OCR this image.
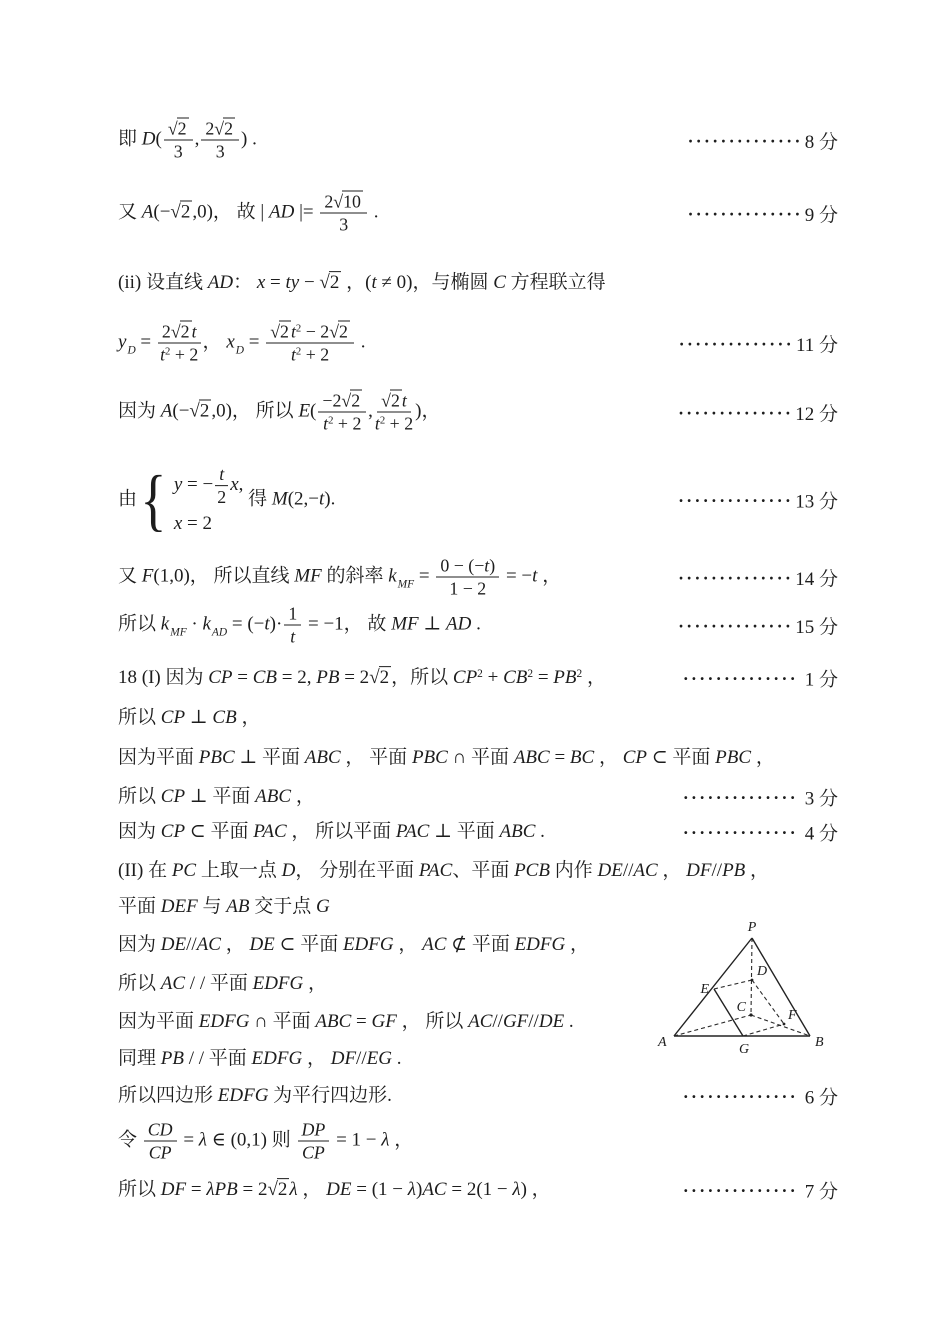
即 $D( \frac{√2}{3}$ , $\frac{2√2}{3}$ ) .	·············· 8 分
又 A(−√2 ,0)， 故 | AD |= $\frac{2√10}{3}$ .	·············· 9 分
(ii) 设直线 AD： x = ty − √2 ，(t ≠ 0)，与椭圆 C 方程联立得
$y_D = \frac{2√2 t}{t^2 + 2}$ ， $x_D = \frac{√2 t^2 - 2√2}{t^2 + 2}$ .	·············· 11 分
因为 A(−√2 ,0)， 所以 $E( \frac{-2√2}{t^2 + 2}$ , $\frac{√2 t}{t^2 + 2}$ )，	·············· 12 分
由 { y = − $\frac{t}{2} x$,
x = 2
得 M(2,−t).	·············· 13 分
又 F(1,0)， 所以直线 MF 的斜率 $k_{MF} = \frac{0 - (-t)}{1 - 2} = -t$ ，	·············· 14 分
所以 $k_{MF} \cdot k_{AD} = (-t)\cdot \frac{1}{t} = -1$， 故 MF ⊥ AD .	·············· 15 分
18 (I) 因为 CP = CB = 2, PB = 2√2 ，所以 $CP^2 + CB^2 = PB^2$ ，	·············· 1 分
所以 CP ⊥ CB ，
因为平面 PBC ⊥ 平面 ABC ， 平面 PBC ∩ 平面 ABC = BC ， CP ⊂ 平面 PBC ，
所以 CP ⊥ 平面 ABC ，	·············· 3 分
因为 CP ⊂ 平面 PAC ， 所以平面 PAC ⊥ 平面 ABC .	·············· 4 分
(II) 在 PC 上取一点 D， 分别在平面 PAC、平面 PCB 内作 DE//AC ， DF//PB ，
平面 DEF 与 AB 交于点 G
因为 DE//AC ， DE ⊂ 平面 EDFG ， AC ⊄ 平面 EDFG ，
所以 AC / / 平面 EDFG ，
因为平面 EDFG ∩ 平面 ABC = GF ， 所以 AC//GF//DE .
同理 PB / / 平面 EDFG ， DF//EG .
所以四边形 EDFG 为平行四边形.	·············· 6 分
令 $\frac{CD}{CP} = \lambda$ ∈ (0,1) 则 $\frac{DP}{CP} = 1 - \lambda$ ，
所以 DF = λPB = 2√2 λ ， DE = (1 − λ)AC = 2(1 − λ) ，	·············· 7 分
P
A	B
C
D
E
F
G
